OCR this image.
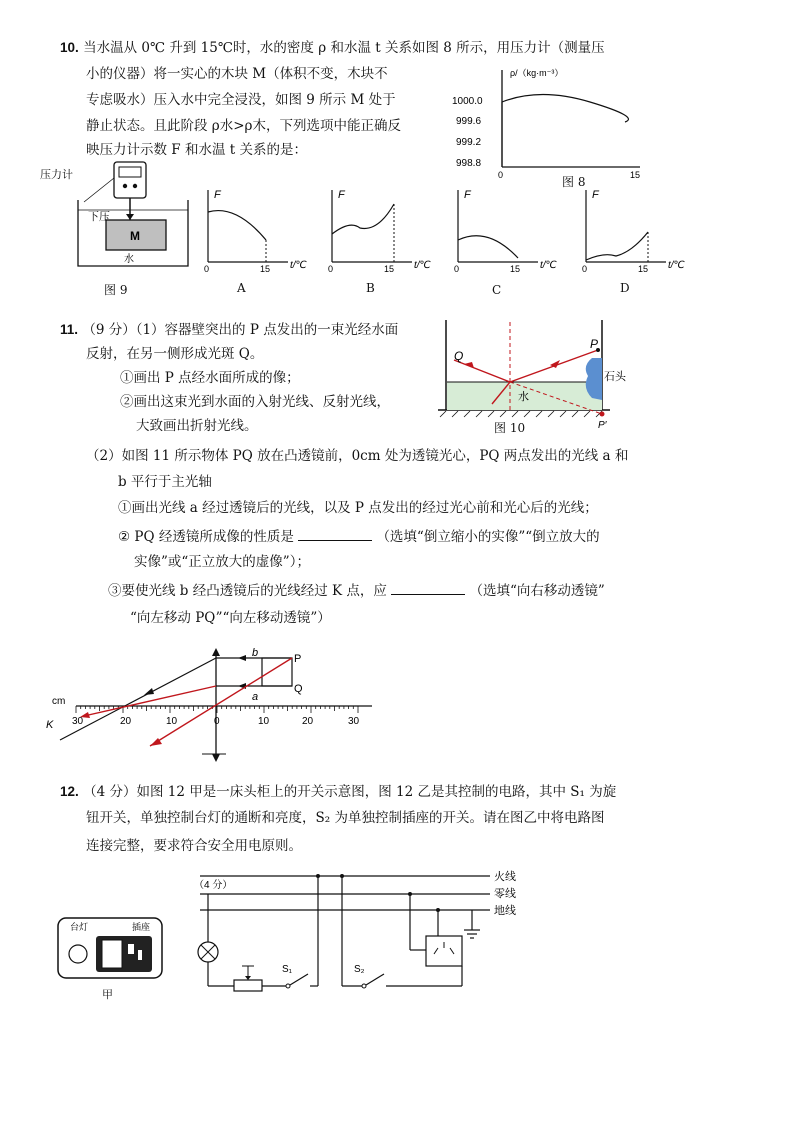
10. 当水温从 0℃ 升到 15℃时，水的密度 ρ 和水温 t 关系如图 8 所示，用压力计（测量压
小的仪器）将一实心的木块 M（体积不变，木块不
专虑吸水）压入水中完全浸没，如图 9 所示 M 处于
静止状态。且此阶段 ρ水>ρ木，下列选项中能正确反
映压力计示数 F 和水温 t 关系的是：
ρ/（kg·m⁻³）
1000.0
999.6
999.2
998.8
0	15
图 8
M
水
压力计
下压
图 9
F
t/℃
0	15
A
F
t/℃
0	15
B
F
t/℃
0	15
C
F
t/℃
0	15
D
11. （9 分）（1）容器壁突出的 P 点发出的一束光经水面
反射，在另一侧形成光斑 Q。
①画出 P 点经水面所成的像；
②画出这束光到水面的入射光线、反射光线，
大致画出折射光线。
P
Q
石头
水
P′
图 10
（2）如图 11 所示物体 PQ 放在凸透镜前，0cm 处为透镜光心，PQ 两点发出的光线 a 和
b 平行于主光轴
①画出光线 a 经过透镜后的光线，以及 P 点发出的经过光心前和光心后的光线；
② PQ 经透镜所成像的性质是	（选填“倒立缩小的实像”“倒立放大的
实像”或“正立放大的虚像”）；
③要使光线 b 经凸透镜后的光线经过 K 点，应	（选填“向右移动透镜”
“向左移动 PQ”“向左移动透镜”）
cm
K
b
a
P
Q
30	20	10	0	10	20	30
12. （4 分）如图 12 甲是一床头柜上的开关示意图，图 12 乙是其控制的电路，其中 S₁ 为旋
钮开关，单独控制台灯的通断和亮度，S₂ 为单独控制插座的开关。请在图乙中将电路图
连接完整，要求符合安全用电原则。
台灯	插座
甲
（4 分）
火线
零线
地线
S₁	S₂
